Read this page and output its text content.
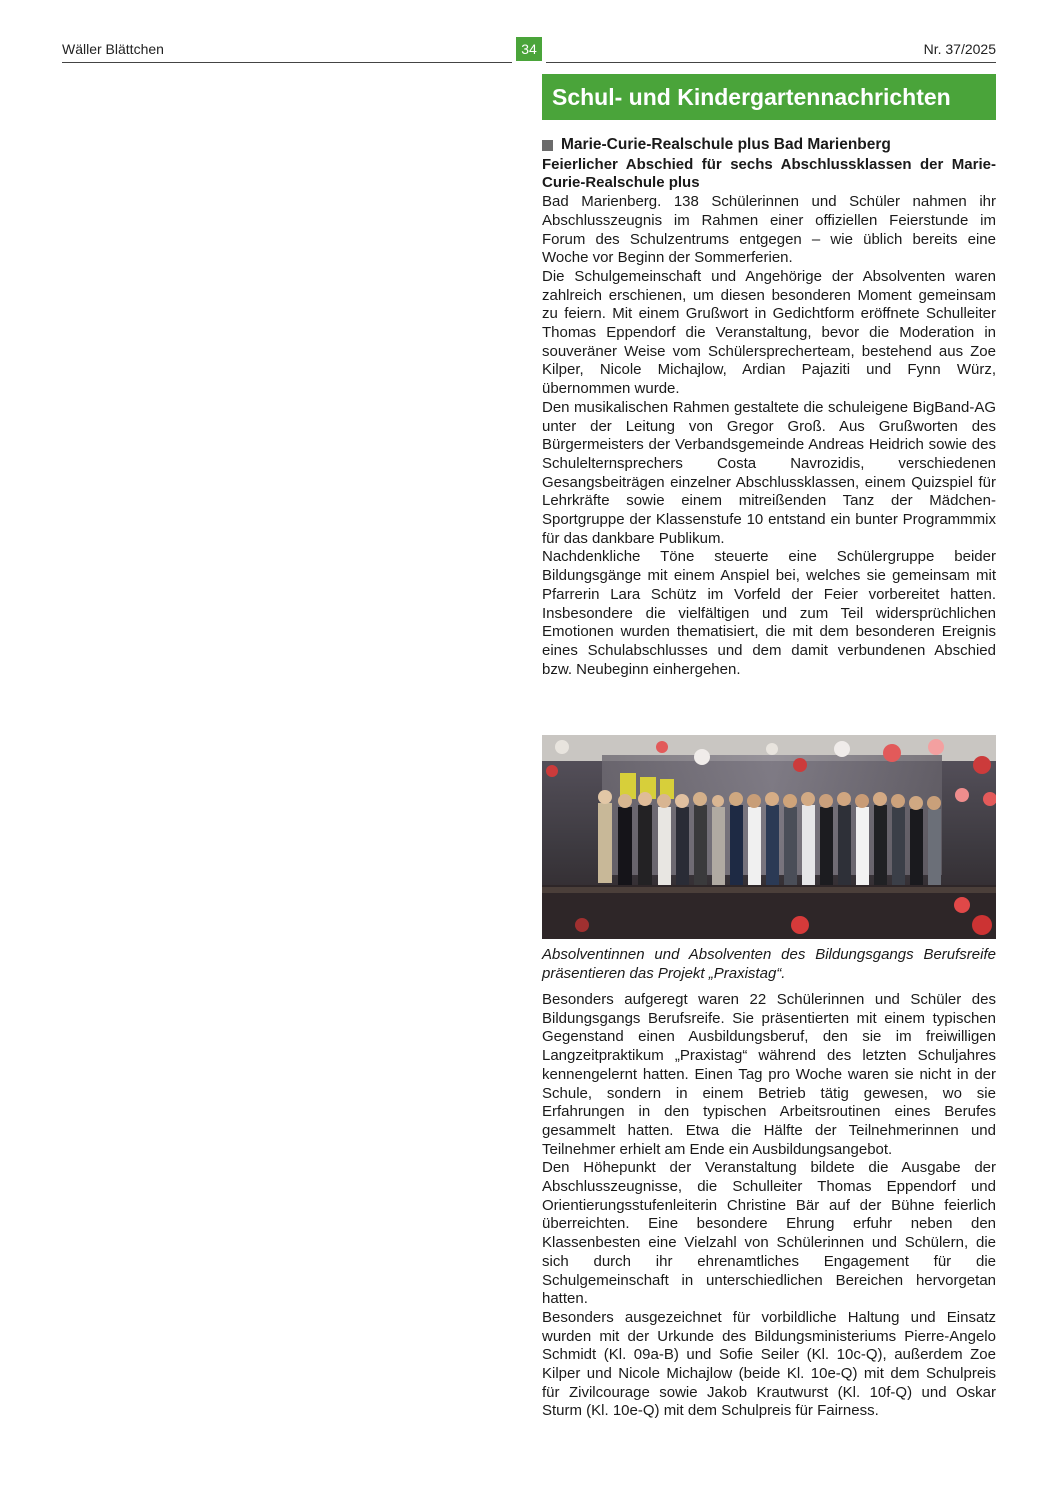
Wäller Blättchen	34	Nr. 37/2025
Schul- und Kindergartennachrichten
Marie-Curie-Realschule plus Bad Marienberg
Feierlicher Abschied für sechs Abschlussklassen der Marie-Curie-Realschule plus

Bad Marienberg. 138 Schülerinnen und Schüler nahmen ihr Abschlusszeugnis im Rahmen einer offiziellen Feierstunde im Forum des Schulzentrums entgegen – wie üblich bereits eine Woche vor Beginn der Sommerferien.

Die Schulgemeinschaft und Angehörige der Absolventen waren zahlreich erschienen, um diesen besonderen Moment gemeinsam zu feiern. Mit einem Grußwort in Gedichtform eröffnete Schulleiter Thomas Eppendorf die Veranstaltung, bevor die Moderation in souveräner Weise vom Schülersprecherteam, bestehend aus Zoe Kilper, Nicole Michajlow, Ardian Pajaziti und Fynn Würz, übernommen wurde.

Den musikalischen Rahmen gestaltete die schuleigene BigBand-AG unter der Leitung von Gregor Groß. Aus Grußworten des Bürgermeisters der Verbandsgemeinde Andreas Heidrich sowie des Schulelternsprechers Costa Navrozidis, verschiedenen Gesangsbeiträgen einzelner Abschlussklassen, einem Quizspiel für Lehrkräfte sowie einem mitreißenden Tanz der Mädchen-Sportgruppe der Klassenstufe 10 entstand ein bunter Programmmix für das dankbare Publikum.

Nachdenkliche Töne steuerte eine Schülergruppe beider Bildungsgänge mit einem Anspiel bei, welches sie gemeinsam mit Pfarrerin Lara Schütz im Vorfeld der Feier vorbereitet hatten. Insbesondere die vielfältigen und zum Teil widersprüchlichen Emotionen wurden thematisiert, die mit dem besonderen Ereignis eines Schulabschlusses und dem damit verbundenen Abschied bzw. Neubeginn einhergehen.

Absolventinnen und Absolventen des Bildungsgangs Berufsreife präsentieren das Projekt „Praxistag“.

Besonders aufgeregt waren 22 Schülerinnen und Schüler des Bildungsgangs Berufsreife. Sie präsentierten mit einem typischen Gegenstand einen Ausbildungsberuf, den sie im freiwilligen Langzeitpraktikum „Praxistag“ während des letzten Schuljahres kennengelernt hatten. Einen Tag pro Woche waren sie nicht in der Schule, sondern in einem Betrieb tätig gewesen, wo sie Erfahrungen in den typischen Arbeitsroutinen eines Berufes gesammelt hatten. Etwa die Hälfte der Teilnehmerinnen und Teilnehmer erhielt am Ende ein Ausbildungsangebot.

Den Höhepunkt der Veranstaltung bildete die Ausgabe der Abschlusszeugnisse, die Schulleiter Thomas Eppendorf und Orientierungsstufenleiterin Christine Bär auf der Bühne feierlich überreichten. Eine besondere Ehrung erfuhr neben den Klassenbesten eine Vielzahl von Schülerinnen und Schülern, die sich durch ihr ehrenamtliches Engagement für die Schulgemeinschaft in unterschiedlichen Bereichen hervorgetan hatten.

Besonders ausgezeichnet für vorbildliche Haltung und Einsatz wurden mit der Urkunde des Bildungsministeriums Pierre-Angelo Schmidt (Kl. 09a-B) und Sofie Seiler (Kl. 10c-Q), außerdem Zoe Kilper und Nicole Michajlow (beide Kl. 10e-Q) mit dem Schulpreis für Zivilcourage sowie Jakob Krautwurst (Kl. 10f-Q) und Oskar Sturm (Kl. 10e-Q) mit dem Schulpreis für Fairness.
